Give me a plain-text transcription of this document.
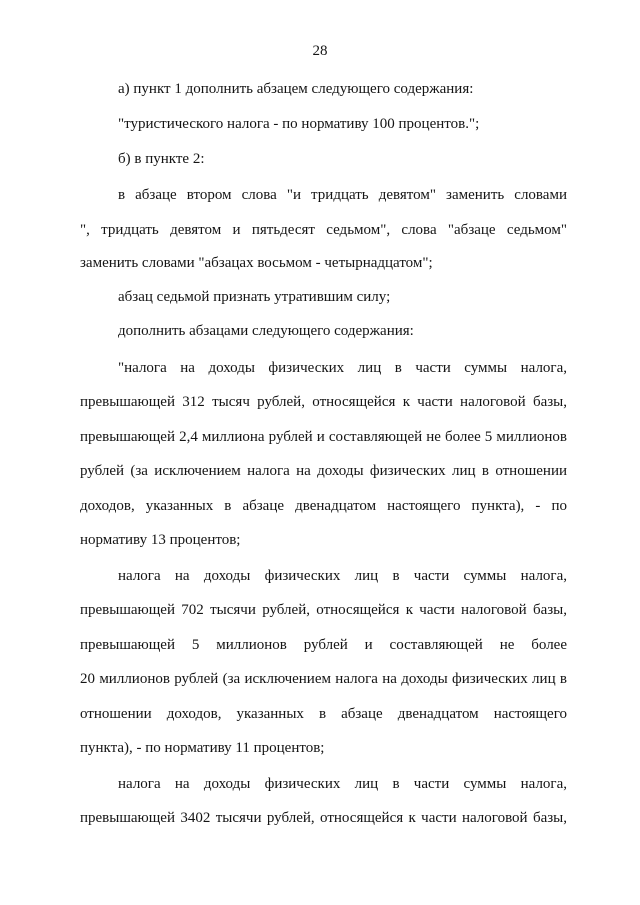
28
а) пункт 1 дополнить абзацем следующего содержания:
"туристического налога - по нормативу 100 процентов.";
б) в пункте 2:
в абзаце втором слова "и тридцать девятом" заменить словами
", тридцать девятом и пятьдесят седьмом", слова "абзаце седьмом"
заменить словами "абзацах восьмом - четырнадцатом";
абзац седьмой признать утратившим силу;
дополнить абзацами следующего содержания:
"налога на доходы физических лиц в части суммы налога,
превышающей 312 тысяч рублей, относящейся к части налоговой базы,
превышающей 2,4 миллиона рублей и составляющей не более 5 миллионов
рублей (за исключением налога на доходы физических лиц в отношении
доходов, указанных в абзаце двенадцатом настоящего пункта), - по
нормативу 13 процентов;
налога на доходы физических лиц в части суммы налога,
превышающей 702 тысячи рублей, относящейся к части налоговой базы,
превышающей 5 миллионов рублей и составляющей не более
20 миллионов рублей (за исключением налога на доходы физических лиц в
отношении доходов, указанных в абзаце двенадцатом настоящего
пункта), - по нормативу 11 процентов;
налога на доходы физических лиц в части суммы налога,
превышающей 3402 тысячи рублей, относящейся к части налоговой базы,
